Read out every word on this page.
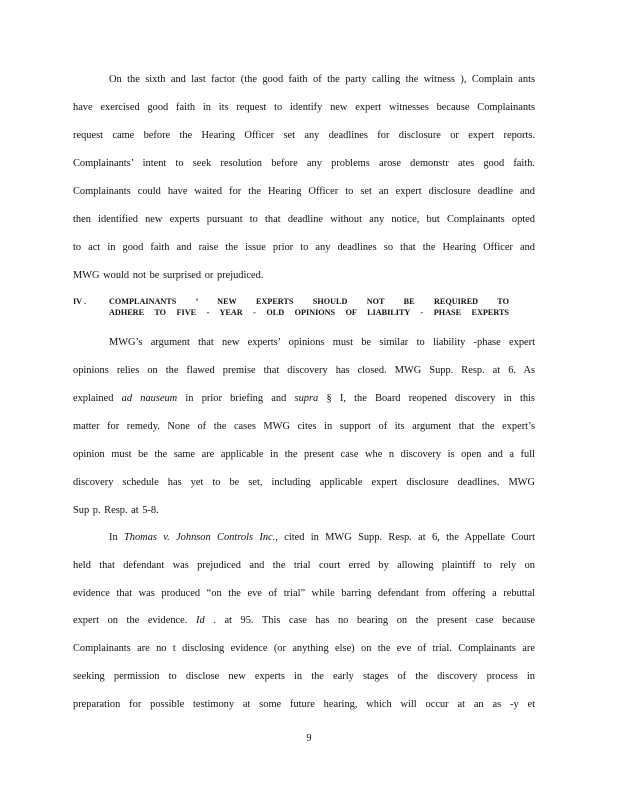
On the sixth and last factor (the good faith of the party calling the witness ), Complain ants
have exercised good faith in its request to identify new expert witnesses because Complainants
request came before the Hearing Officer set any deadlines for disclosure or expert reports.
Complainants’ intent to seek resolution before any problems arose demonstr ates good faith.
Complainants could have waited for the Hearing Officer to set an expert disclosure deadline and
then identified new experts pursuant to that deadline without any notice, but Complainants opted
to act in good faith and raise the issue prior to any deadlines so that the Hearing Officer and
MWG would not be surprised or prejudiced.
IV .	COMPLAINANTS ’ NEW EXPERTS SHOULD NOT BE REQUIRED TO
ADHERE TO FIVE - YEAR - OLD OPINIONS OF LIABILITY - PHASE EXPERTS
MWG’s argument that new experts’ opinions must be similar to liability -phase expert
opinions relies on the flawed premise that discovery has closed. MWG Supp. Resp. at 6. As
explained ad nauseum in prior briefing and supra § I, the Board reopened discovery in this
matter for remedy. None of the cases MWG cites in support of its argument that the expert’s
opinion must be the same are applicable in the present case whe n discovery is open and a full
discovery schedule has yet to be set, including applicable expert disclosure deadlines. MWG
Sup p. Resp. at 5-8.
In Thomas v. Johnson Controls Inc., cited in MWG Supp. Resp. at 6, the Appellate Court
held that defendant was prejudiced and the trial court erred by allowing plaintiff to rely on
evidence that was produced “on the eve of trial” while barring defendant from offering a rebuttal
expert on the evidence. Id . at 95. This case has no bearing on the present case because
Complainants are no t disclosing evidence (or anything else) on the eve of trial. Complainants are
seeking permission to disclose new experts in the early stages of the discovery process in
preparation for possible testimony at some future hearing, which will occur at an as -y et
9
